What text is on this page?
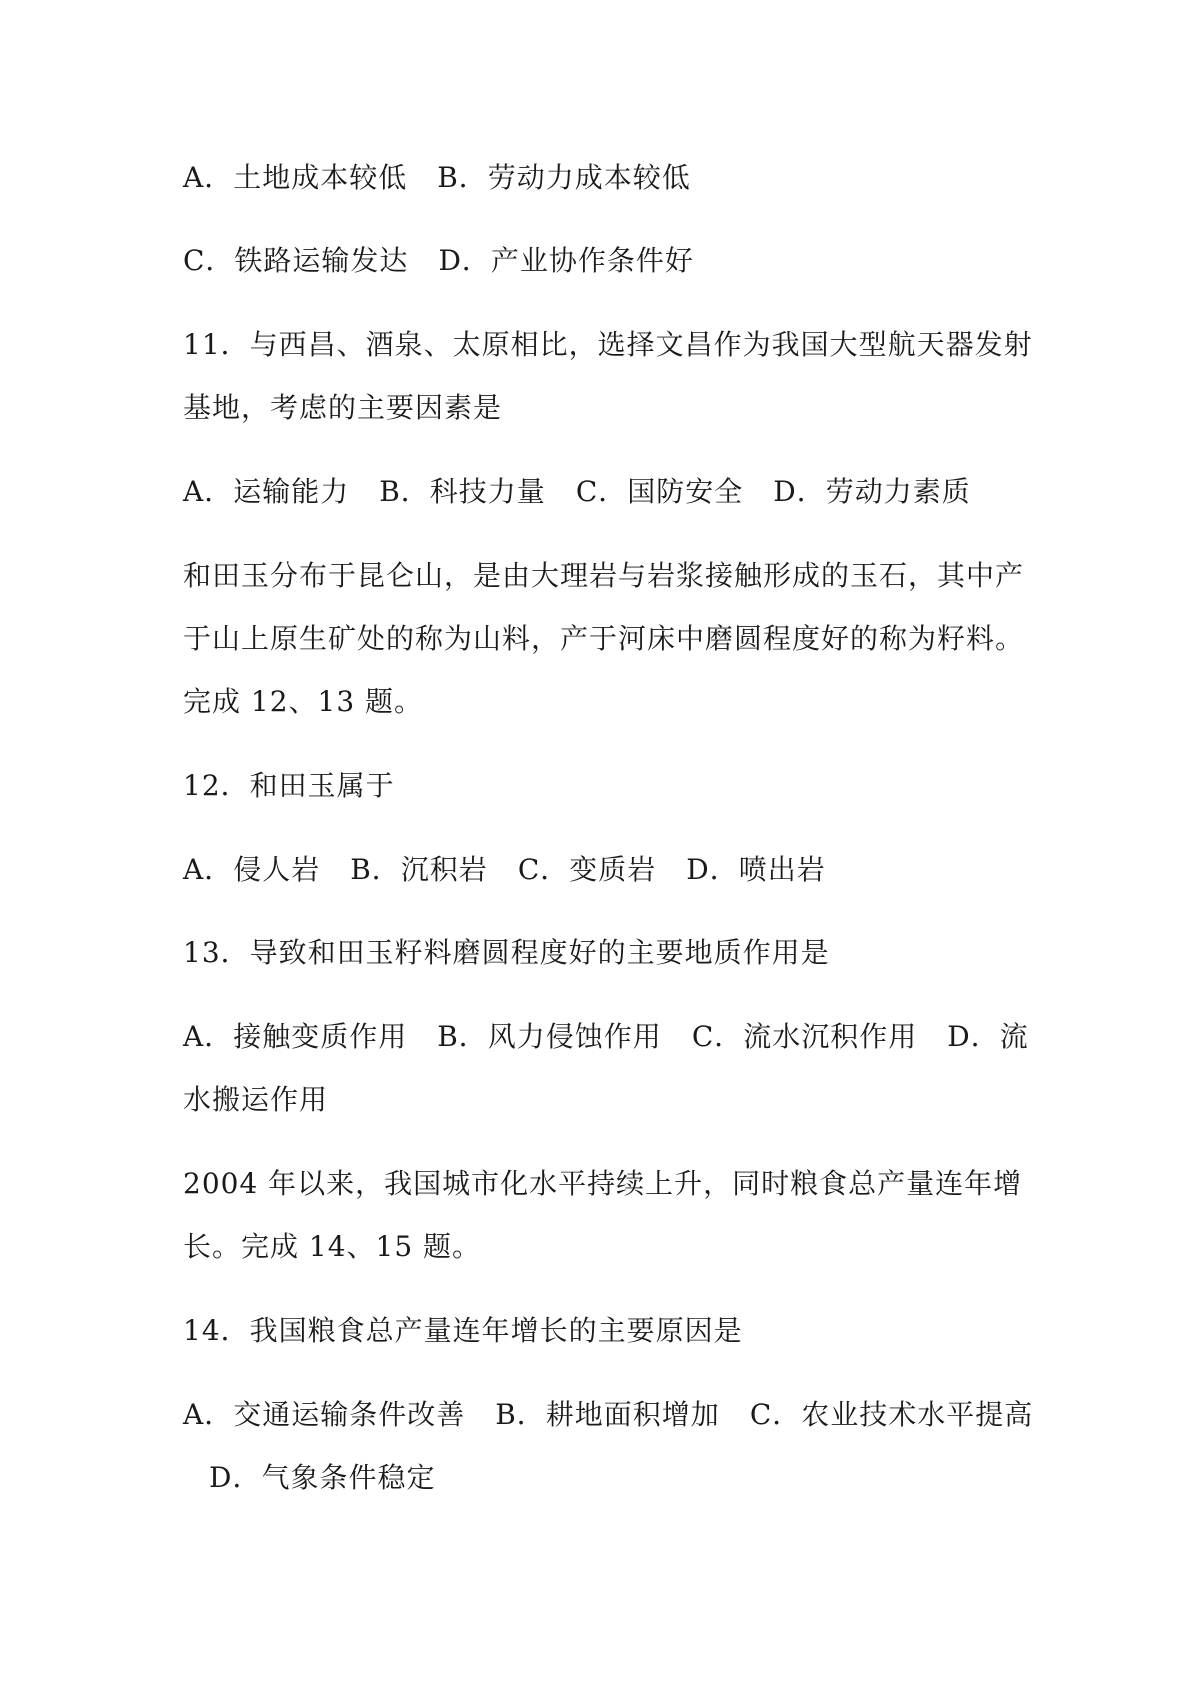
A．土地成本较低 B．劳动力成本较低
C．铁路运输发达 D．产业协作条件好
11．与西昌、酒泉、太原相比，选择文昌作为我国大型航天器发射
基地，考虑的主要因素是
A．运输能力 B．科技力量 C．国防安全 D．劳动力素质
和田玉分布于昆仑山，是由大理岩与岩浆接触形成的玉石，其中产
于山上原生矿处的称为山料，产于河床中磨圆程度好的称为籽料。
完成 12、13 题。
12．和田玉属于
A．侵人岩 B．沉积岩 C．变质岩 D．喷出岩
13．导致和田玉籽料磨圆程度好的主要地质作用是
A．接触变质作用 B．风力侵蚀作用 C．流水沉积作用 D．流
水搬运作用
2004 年以来，我国城市化水平持续上升，同时粮食总产量连年增
长。完成 14、15 题。
14．我国粮食总产量连年增长的主要原因是
A．交通运输条件改善 B．耕地面积增加 C．农业技术水平提高
D．气象条件稳定
